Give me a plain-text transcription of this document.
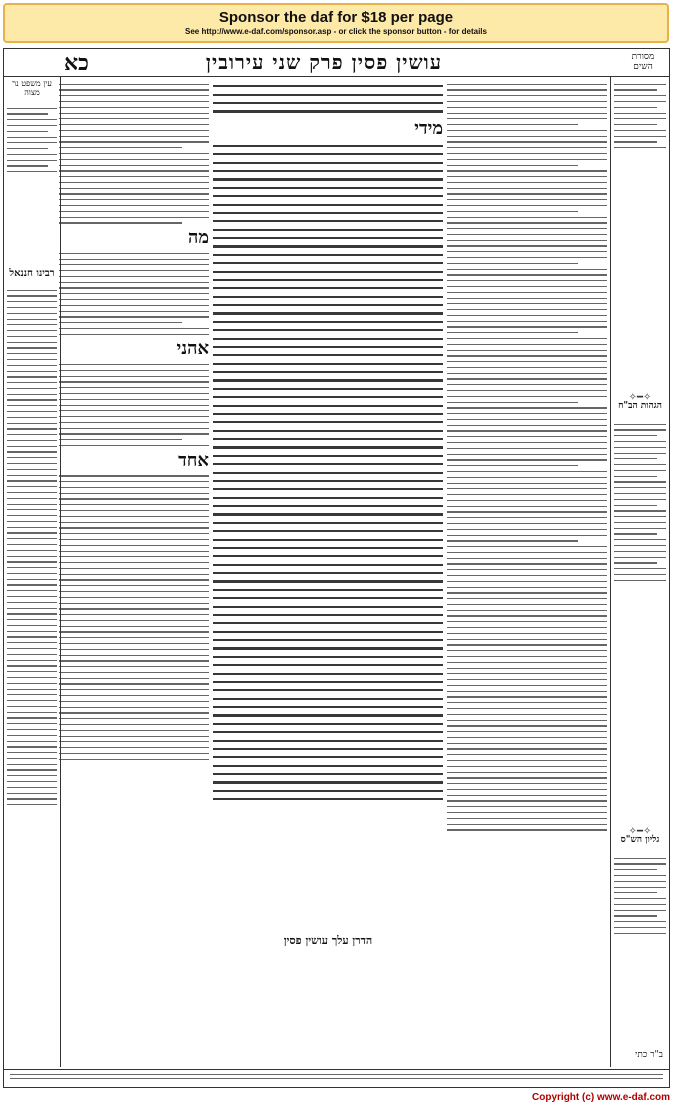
Sponsor the daf for $18 per page
See http://www.e-daf.com/sponsor.asp - or click the sponsor button - for details
כא	עושין פסין פרק שני עירובין	מסורת השים
✧━✧
הגהות הב"ח
✧━✧
גליון הש"ס
מידי
הדרן עלך עושין פסין
מה
אהני
אחד
עין משפט נר מצוה
רבינו חננאל
ב"ר כתי
Copyright (c) www.e-daf.com
